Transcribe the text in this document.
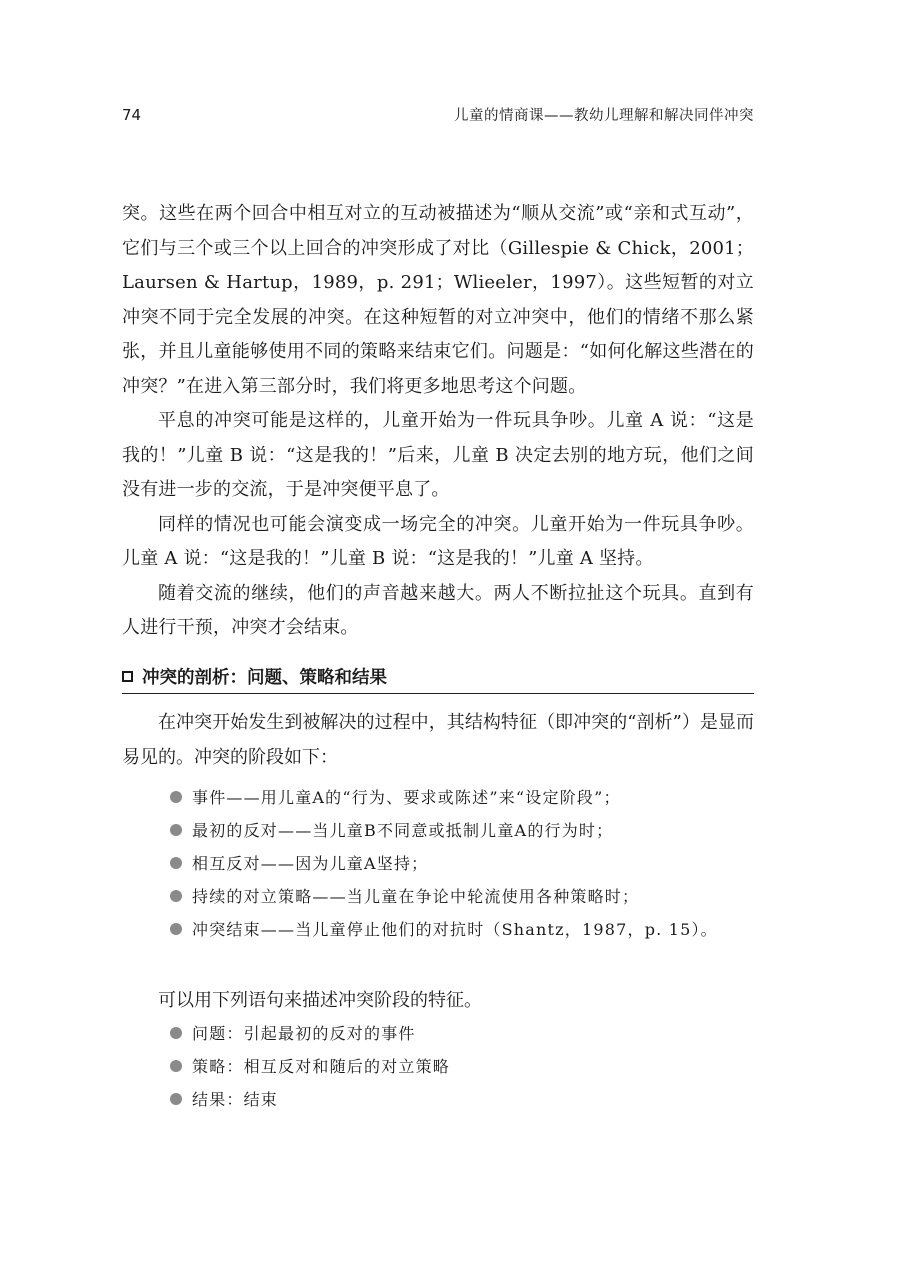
74	儿童的情商课——教幼儿理解和解决同伴冲突

突。这些在两个回合中相互对立的互动被描述为“顺从交流”或“亲和式互动”，它们与三个或三个以上回合的冲突形成了对比（Gillespie & Chick，2001；Laursen & Hartup，1989，p. 291；Wlieeler，1997）。这些短暂的对立冲突不同于完全发展的冲突。在这种短暂的对立冲突中，他们的情绪不那么紧张，并且儿童能够使用不同的策略来结束它们。问题是：“如何化解这些潜在的冲突？”在进入第三部分时，我们将更多地思考这个问题。

平息的冲突可能是这样的，儿童开始为一件玩具争吵。儿童 A 说：“这是我的！”儿童 B 说：“这是我的！”后来，儿童 B 决定去别的地方玩，他们之间没有进一步的交流，于是冲突便平息了。

同样的情况也可能会演变成一场完全的冲突。儿童开始为一件玩具争吵。儿童 A 说：“这是我的！”儿童 B 说：“这是我的！”儿童 A 坚持。

随着交流的继续，他们的声音越来越大。两人不断拉扯这个玩具。直到有人进行干预，冲突才会结束。

冲突的剖析：问题、策略和结果

在冲突开始发生到被解决的过程中，其结构特征（即冲突的“剖析”）是显而易见的。冲突的阶段如下：

事件——用儿童A的“行为、要求或陈述”来“设定阶段”；
最初的反对——当儿童B不同意或抵制儿童A的行为时；
相互反对——因为儿童A坚持；
持续的对立策略——当儿童在争论中轮流使用各种策略时；
冲突结束——当儿童停止他们的对抗时（Shantz，1987，p. 15）。
可以用下列语句来描述冲突阶段的特征。
问题：引起最初的反对的事件
策略：相互反对和随后的对立策略
结果：结束
